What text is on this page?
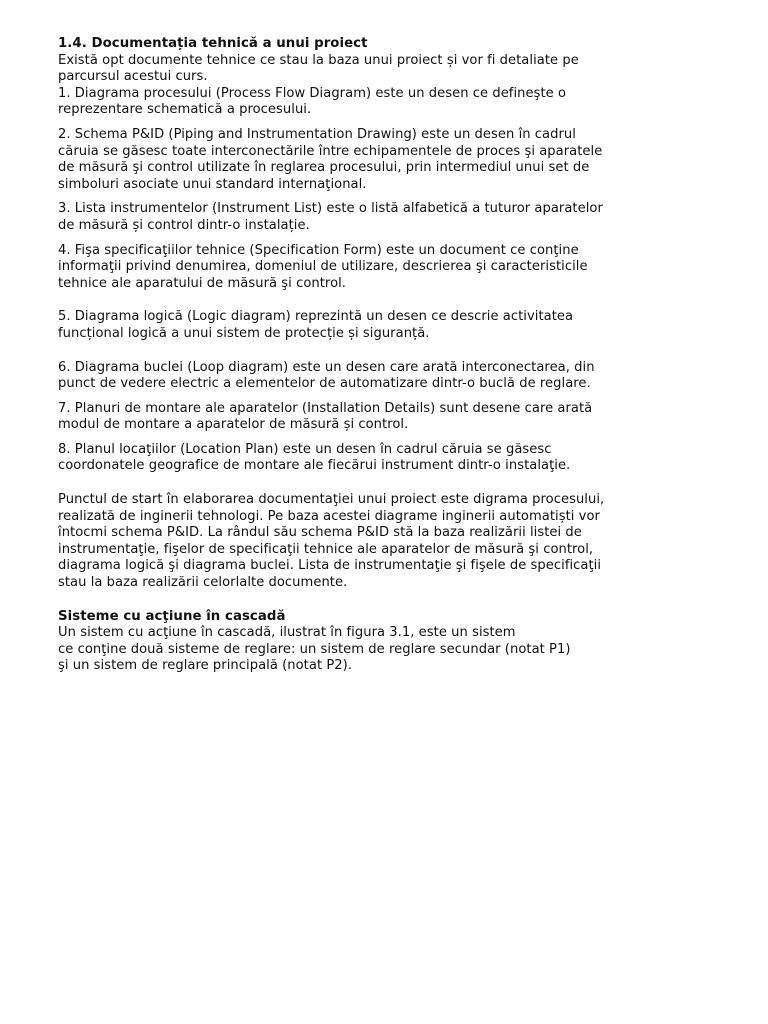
1.4. Documentația tehnică a unui proiect

Există opt documente tehnice ce stau la baza unui proiect și vor fi detaliate pe
parcursul acestui curs.
1. Diagrama procesului (Process Flow Diagram) este un desen ce defineşte o
reprezentare schematică a procesului.
2. Schema P&ID (Piping and Instrumentation Drawing) este un desen în cadrul
căruia se găsesc toate interconectările între echipamentele de proces şi aparatele
de măsură şi control utilizate în reglarea procesului, prin intermediul unui set de
simboluri asociate unui standard internaţional.
3. Lista instrumentelor (Instrument List) este o listă alfabetică a tuturor aparatelor
de măsură și control dintr-o instalație.
4. Fişa specificaţiilor tehnice (Specification Form) este un document ce conţine
informaţii privind denumirea, domeniul de utilizare, descrierea şi caracteristicile
tehnice ale aparatului de măsură şi control.
5. Diagrama logică (Logic diagram) reprezintă un desen ce descrie activitatea
funcțional logică a unui sistem de protecție și siguranță.
6. Diagrama buclei (Loop diagram) este un desen care arată interconectarea, din
punct de vedere electric a elementelor de automatizare dintr-o buclă de reglare.
7. Planuri de montare ale aparatelor (Installation Details) sunt desene care arată
modul de montare a aparatelor de măsură și control.
8. Planul locaţiilor (Location Plan) este un desen în cadrul căruia se găsesc
coordonatele geografice de montare ale fiecărui instrument dintr-o instalaţie.
Punctul de start în elaborarea documentaţiei unui proiect este digrama procesului,
realizată de inginerii tehnologi. Pe baza acestei diagrame inginerii automatiști vor
întocmi schema P&ID. La rândul său schema P&ID stă la baza realizării listei de
instrumentaţie, fişelor de specificaţii tehnice ale aparatelor de măsură şi control,
diagrama logică şi diagrama buclei. Lista de instrumentaţie şi fişele de specificaţii
stau la baza realizării celorlalte documente.

Sisteme cu acţiune în cascadă

Un sistem cu acţiune în cascadă, ilustrat în figura 3.1, este un sistem
ce conţine două sisteme de reglare: un sistem de reglare secundar (notat P1)
şi un sistem de reglare principală (notat P2).
